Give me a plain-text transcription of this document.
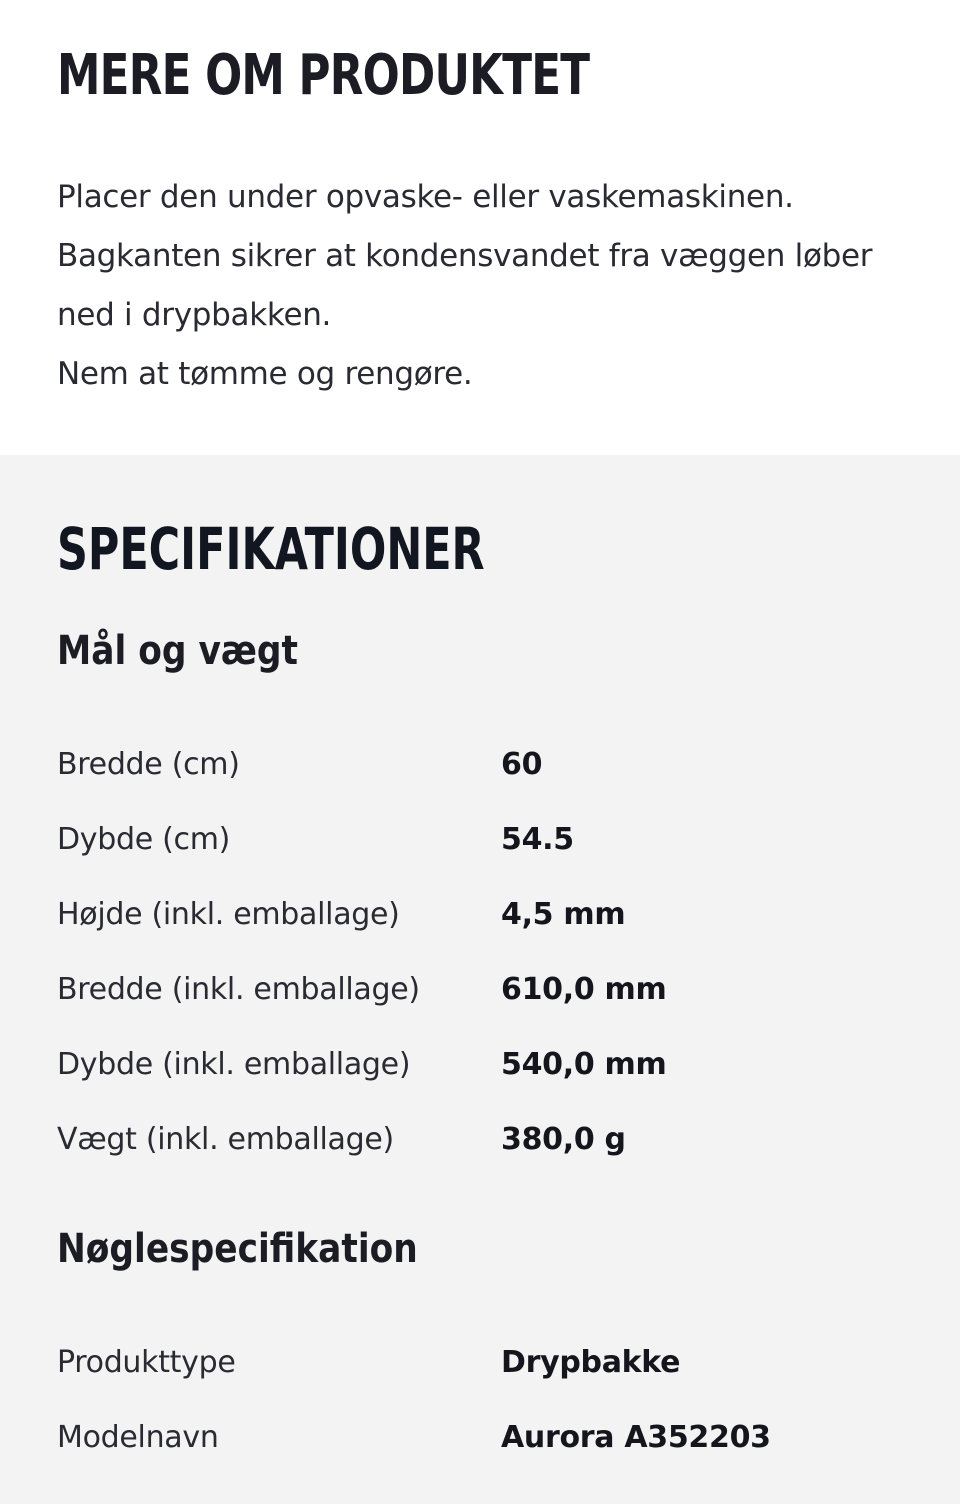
MERE OM PRODUKTET

Placer den under opvaske- eller vaskemaskinen.

Bagkanten sikrer at kondensvandet fra væggen løber

ned i drypbakken.

Nem at tømme og rengøre.

SPECIFIKATIONER
Mål og vægt
Bredde (cm)	60
Dybde (cm)	54.5
Højde (inkl. emballage)	4,5 mm
Bredde (inkl. emballage)	610,0 mm
Dybde (inkl. emballage)	540,0 mm
Vægt (inkl. emballage)	380,0 g
Nøglespecifikation
Produkttype	Drypbakke
Modelnavn	Aurora A352203
